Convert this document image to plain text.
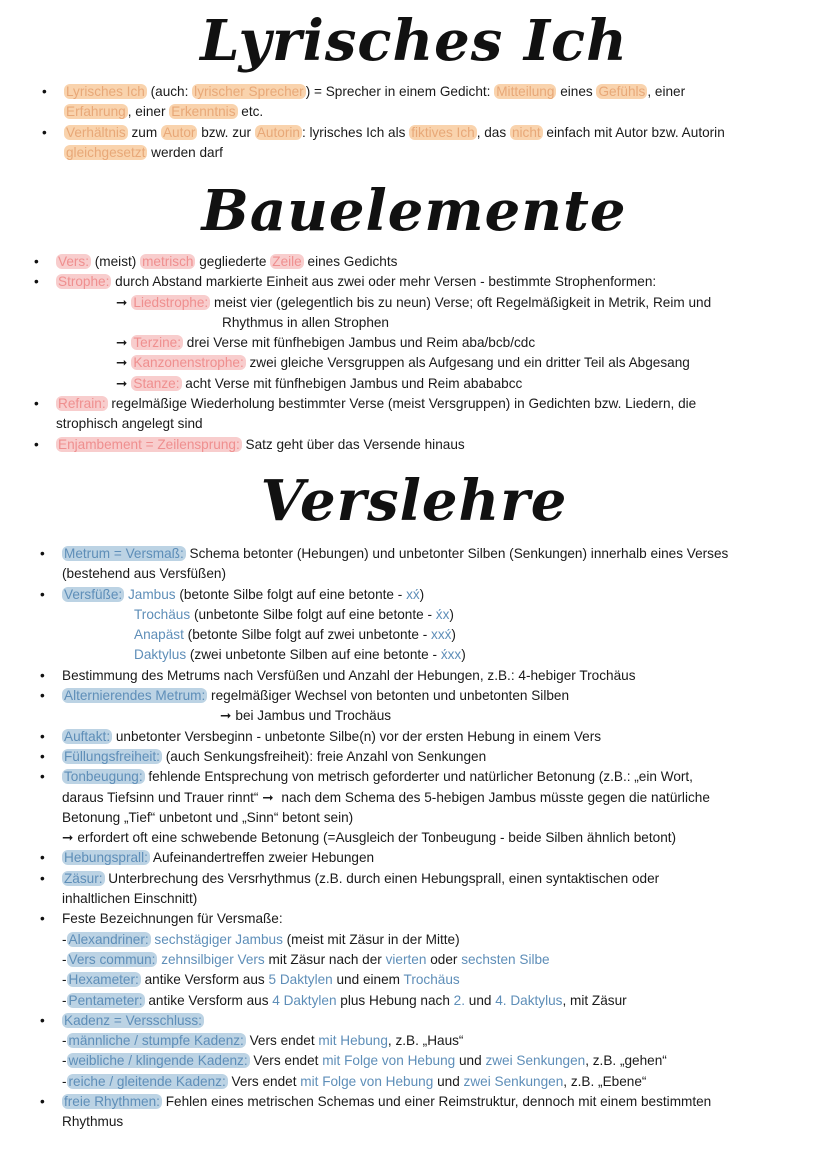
Lyrisches Ich
• Lyrisches Ich (auch: lyrischer Sprecher ) = Sprecher in einem Gedicht: Mitteilung eines Gefühls , einer
Erfahrung , einer Erkenntnis etc.
• Verhältnis zum Autor bzw. zur Autorin : lyrisches Ich als fiktives Ich , das nicht einfach mit Autor bzw. Autorin
gleichgesetzt werden darf
Bauelemente
• Vers: (meist) metrisch gegliederte Zeile eines Gedichts
• Strophe: durch Abstand markierte Einheit aus zwei oder mehr Versen - bestimmte Strophenformen:
➞ Liedstrophe: meist vier (gelegentlich bis zu neun) Verse; oft Regelmäßigkeit in Metrik, Reim und
Rhythmus in allen Strophen
➞ Terzine: drei Verse mit fünfhebigen Jambus und Reim aba/bcb/cdc
➞ Kanzonenstrophe: zwei gleiche Versgruppen als Aufgesang und ein dritter Teil als Abgesang
➞ Stanze: acht Verse mit fünfhebigen Jambus und Reim abababcc
• Refrain: regelmäßige Wiederholung bestimmter Verse (meist Versgruppen) in Gedichten bzw. Liedern, die
strophisch angelegt sind
• Enjambement = Zeilensprung: Satz geht über das Versende hinaus
Verslehre
• Metrum = Versmaß: Schema betonter (Hebungen) und unbetonter Silben (Senkungen) innerhalb eines Verses
(bestehend aus Versfüßen)
• Versfüße: Jambus (betonte Silbe folgt auf eine betonte - xx́)
Trochäus (unbetonte Silbe folgt auf eine betonte - x́x)
Anapäst (betonte Silbe folgt auf zwei unbetonte - xxx́)
Daktylus (zwei unbetonte Silben auf eine betonte - x́xx)
• Bestimmung des Metrums nach Versfüßen und Anzahl der Hebungen, z.B.: 4-hebiger Trochäus
• Alternierendes Metrum: regelmäßiger Wechsel von betonten und unbetonten Silben
➞ bei Jambus und Trochäus
• Auftakt: unbetonter Versbeginn - unbetonte Silbe(n) vor der ersten Hebung in einem Vers
• Füllungsfreiheit: (auch Senkungsfreiheit): freie Anzahl von Senkungen
• Tonbeugung: fehlende Entsprechung von metrisch geforderter und natürlicher Betonung (z.B.: „ein Wort,
daraus Tiefsinn und Trauer rinnt“ ➞ nach dem Schema des 5-hebigen Jambus müsste gegen die natürliche
Betonung „Tief“ unbetont und „Sinn“ betont sein)
➞ erfordert oft eine schwebende Betonung (=Ausgleich der Tonbeugung - beide Silben ähnlich betont)
• Hebungsprall: Aufeinandertreffen zweier Hebungen
• Zäsur: Unterbrechung des Versrhythmus (z.B. durch einen Hebungsprall, einen syntaktischen oder
inhaltlichen Einschnitt)
• Feste Bezeichnungen für Versmaße:
- Alexandriner: sechstägiger Jambus (meist mit Zäsur in der Mitte)
- Vers commun: zehnsilbiger Vers mit Zäsur nach der vierten oder sechsten Silbe
- Hexameter: antike Versform aus 5 Daktylen und einem Trochäus
- Pentameter: antike Versform aus 4 Daktylen plus Hebung nach 2. und 4. Daktylus, mit Zäsur
• Kadenz = Versschluss:
- männliche / stumpfe Kadenz: Vers endet mit Hebung, z.B. „Haus“
- weibliche / klingende Kadenz: Vers endet mit Folge von Hebung und zwei Senkungen, z.B. „gehen“
- reiche / gleitende Kadenz: Vers endet mit Folge von Hebung und zwei Senkungen, z.B. „Ebene“
• freie Rhythmen: Fehlen eines metrischen Schemas und einer Reimstruktur, dennoch mit einem bestimmten
Rhythmus
